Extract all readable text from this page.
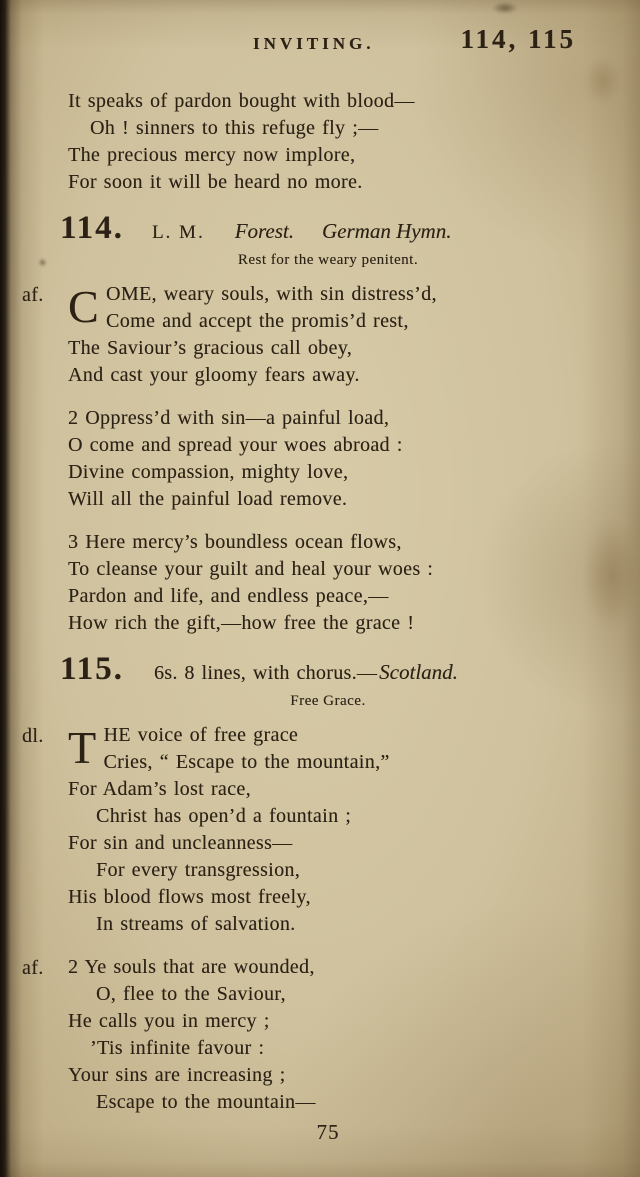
INVITING.	114, 115
It speaks of pardon bought with blood—
Oh ! sinners to this refuge fly ;—
The precious mercy now implore,
For soon it will be heard no more.
114. L. M. Forest. German Hymn.
Rest for the weary penitent.
af. C OME, weary souls, with sin distress’d,
Come and accept the promis’d rest,
The Saviour’s gracious call obey,
And cast your gloomy fears away.
2 Oppress’d with sin—a painful load,
O come and spread your woes abroad :
Divine compassion, mighty love,
Will all the painful load remove.
3 Here mercy’s boundless ocean flows,
To cleanse your guilt and heal your woes :
Pardon and life, and endless peace,—
How rich the gift,—how free the grace !
115. 6s. 8 lines, with chorus.— Scotland.
Free Grace.
dl. T HE voice of free grace
Cries, “ Escape to the mountain,”
For Adam’s lost race,
Christ has open’d a fountain ;
For sin and uncleanness—
For every transgression,
His blood flows most freely,
In streams of salvation.
af. 2 Ye souls that are wounded,
O, flee to the Saviour,
He calls you in mercy ;
’Tis infinite favour :
Your sins are increasing ;
Escape to the mountain—
75
